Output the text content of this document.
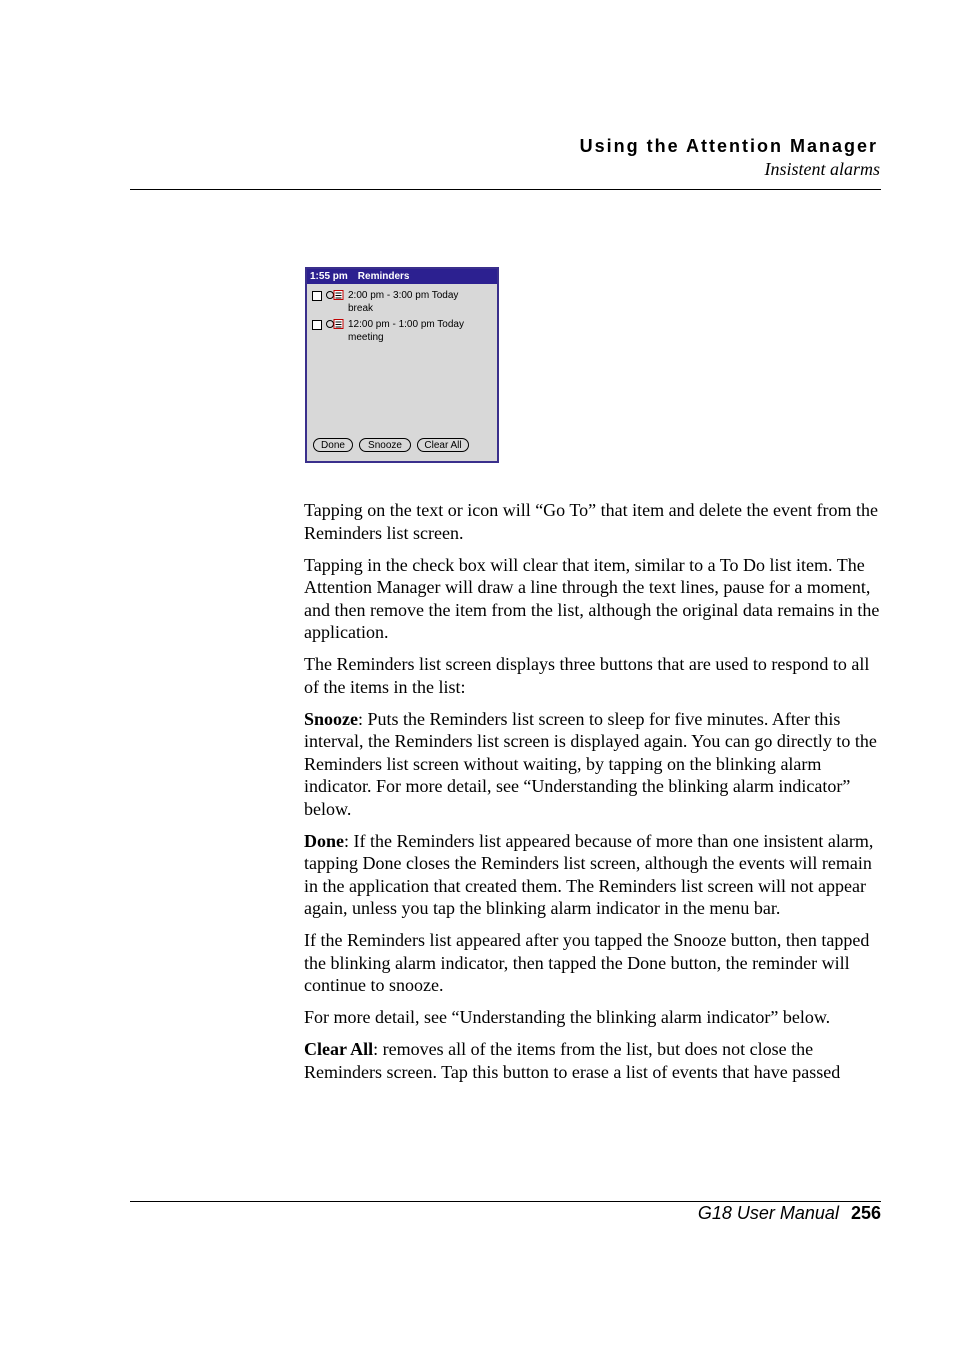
Using the Attention Manager
Insistent alarms
1:55 pm Reminders
2:00 pm - 3:00 pm Today
break
12:00 pm - 1:00 pm Today
meeting
Done	Snooze	Clear All

Tapping on the text or icon will “Go To” that item and delete the event from the Reminders list screen.

Tapping in the check box will clear that item, similar to a To Do list item. The Attention Manager will draw a line through the text lines, pause for a moment, and then remove the item from the list, although the original data remains in the application.

The Reminders list screen displays three buttons that are used to respond to all of the items in the list:

Snooze: Puts the Reminders list screen to sleep for five minutes. After this interval, the Reminders list screen is displayed again. You can go directly to the Reminders list screen without waiting, by tapping on the blinking alarm indicator. For more detail, see “Understanding the blinking alarm indicator” below.

Done: If the Reminders list appeared because of more than one insistent alarm, tapping Done closes the Reminders list screen, although the events will remain in the application that created them. The Reminders list screen will not appear again, unless you tap the blinking alarm indicator in the menu bar.

If the Reminders list appeared after you tapped the Snooze button, then tapped the blinking alarm indicator, then tapped the Done button, the reminder will continue to snooze.

For more detail, see “Understanding the blinking alarm indicator” below.

Clear All: removes all of the items from the list, but does not close the Reminders screen. Tap this button to erase a list of events that have passed

G18 User Manual 256
